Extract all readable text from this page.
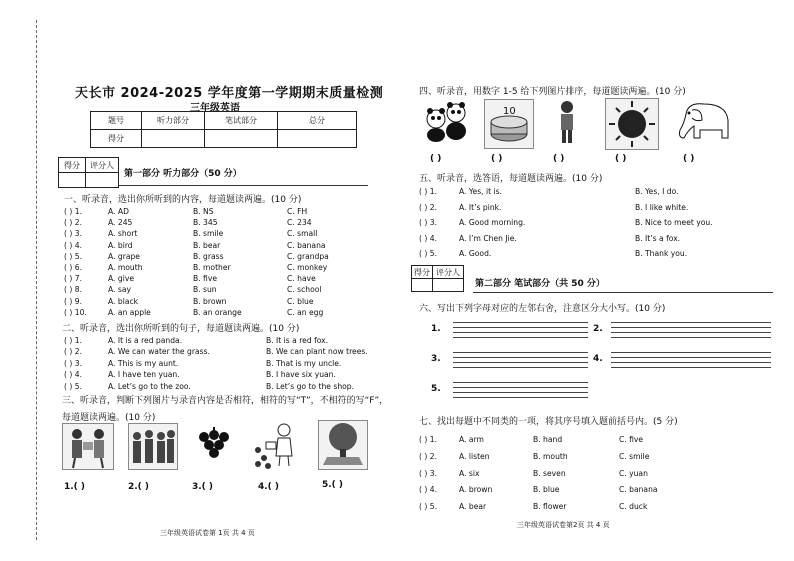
天长市 2024-2025 学年度第一学期期末质量检测
三年级英语
题号	听力部分	笔试部分	总分
得分			
得分	评分人

第一部分 听力部分（50 分）
一、听录音，选出你所听到的内容，每道题读两遍。(10 分)
( ) 1.	A. AD	B. NS	C. FH
( ) 2.	A. 245	B. 345	C. 234
( ) 3.	A. short	B. smile	C. small
( ) 4.	A. bird	B. bear	C. banana
( ) 5.	A. grape	B. grass	C. grandpa
( ) 6.	A. mouth	B. mother	C. monkey
( ) 7.	A. give	B. five	C. have
( ) 8.	A. say	B. sun	C. school
( ) 9.	A. black	B. brown	C. blue
( ) 10.	A. an apple	B. an orange	C. an egg
二、听录音，选出你所听到的句子，每道题读两遍。(10 分)
( ) 1.	A. It is a red panda.	B. It is a red fox.
( ) 2.	A. We can water the grass.	B. We can plant now trees.
( ) 3.	A. This is my aunt.	B. That is my uncle.
( ) 4.	A. I have ten yuan.	B. I have six yuan.
( ) 5.	A. Let’s go to the zoo.	B. Let’s go to the shop.
三、听录音，判断下列图片与录音内容是否相符，相符的写“T”，不相符的写“F”，
每道题读两遍。(10 分)
1.( )	2.( )	3.( )	4.( )	5.( )
三年级英语试卷第 1页 共 4 页
四、听录音，用数字 1-5 给下列图片排序，每道题读两遍。(10 分)
10
( )	( )	( )	( )	( )
五、听录音，选答语，每道题读两遍。(10 分)
( ) 1.	A. Yes, it is.	B. Yes, I do.
( ) 2.	A. It’s pink.	B. I like white.
( ) 3.	A. Good morning.	B. Nice to meet you.
( ) 4.	A. I’m Chen Jie.	B. It’s a fox.
( ) 5.	A. Good.	B. Thank you.
得分	评分人

第二部分 笔试部分（共 50 分）
六、写出下列字母对应的左邻右舍，注意区分大小写。(10 分)
1.	2.
3.	4.
5.
七、找出每题中不同类的一项，将其序号填入题前括号内。(5 分)
( ) 1.	A. arm	B. hand	C. five
( ) 2.	A. listen	B. mouth	C. smile
( ) 3.	A. six	B. seven	C. yuan
( ) 4.	A. brown	B. blue	C. banana
( ) 5.	A. bear	B. flower	C. duck
三年级英语试卷第2页 共 4 页
